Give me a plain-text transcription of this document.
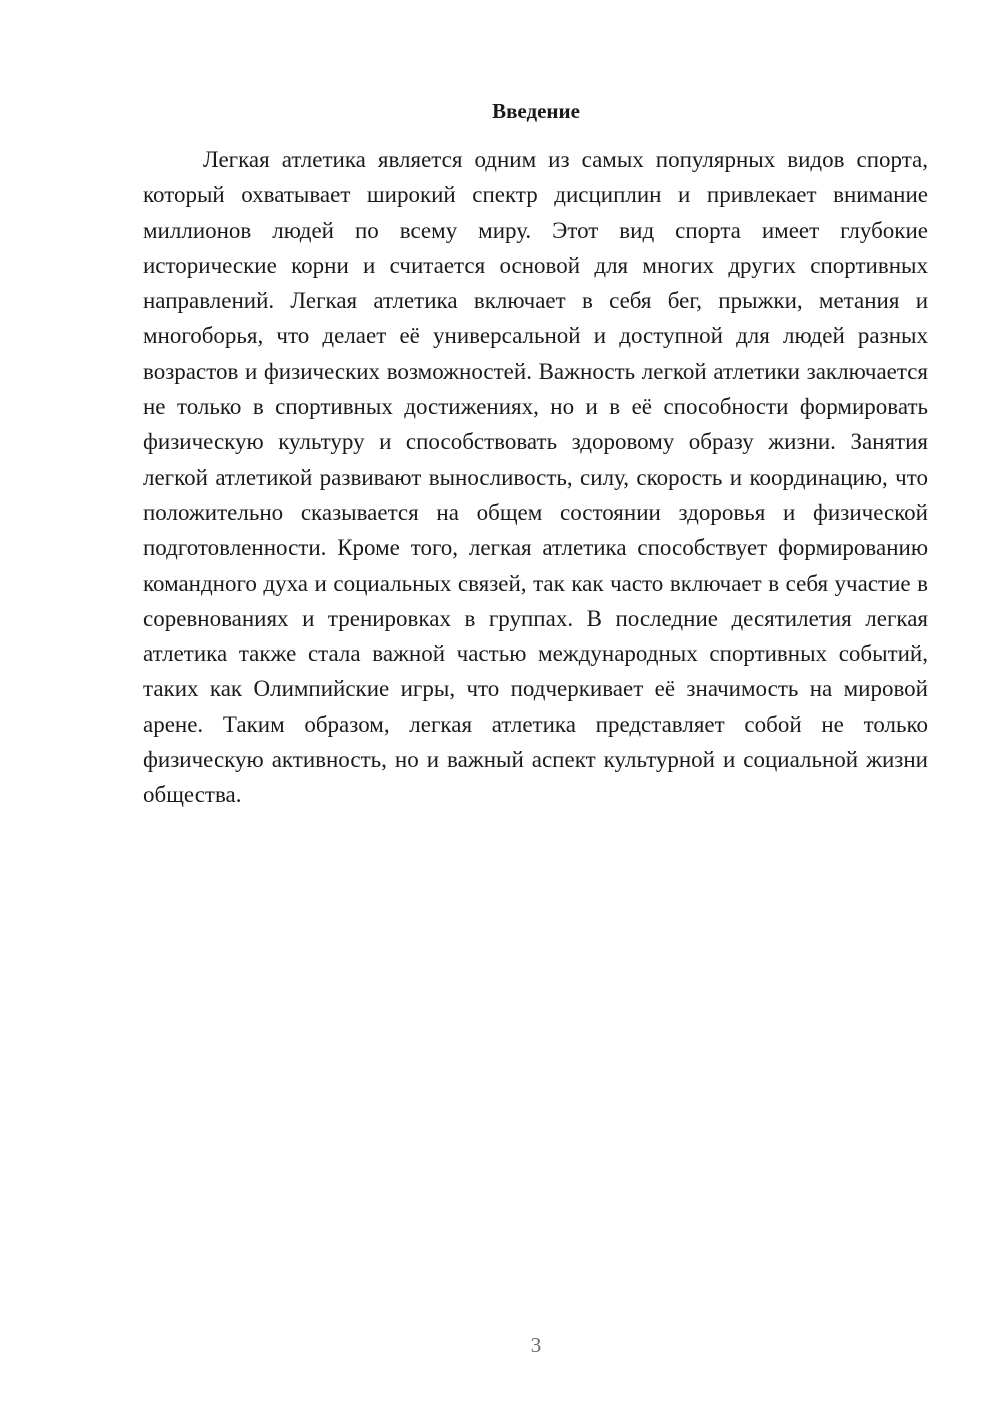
Введение

Легкая атлетика является одним из самых популярных видов спорта, который охватывает широкий спектр дисциплин и привлекает внимание миллионов людей по всему миру. Этот вид спорта имеет глубокие исторические корни и считается основой для многих других спортивных направлений. Легкая атлетика включает в себя бег, прыжки, метания и многоборья, что делает её универсальной и доступной для людей разных возрастов и физических возможностей. Важность легкой атлетики заключается не только в спортивных достижениях, но и в её способности формировать физическую культуру и способствовать здоровому образу жизни. Занятия легкой атлетикой развивают выносливость, силу, скорость и координацию, что положительно сказывается на общем состоянии здоровья и физической подготовленности. Кроме того, легкая атлетика способствует формированию командного духа и социальных связей, так как часто включает в себя участие в соревнованиях и тренировках в группах. В последние десятилетия легкая атлетика также стала важной частью международных спортивных событий, таких как Олимпийские игры, что подчеркивает её значимость на мировой арене. Таким образом, легкая атлетика представляет собой не только физическую активность, но и важный аспект культурной и социальной жизни общества.

3
